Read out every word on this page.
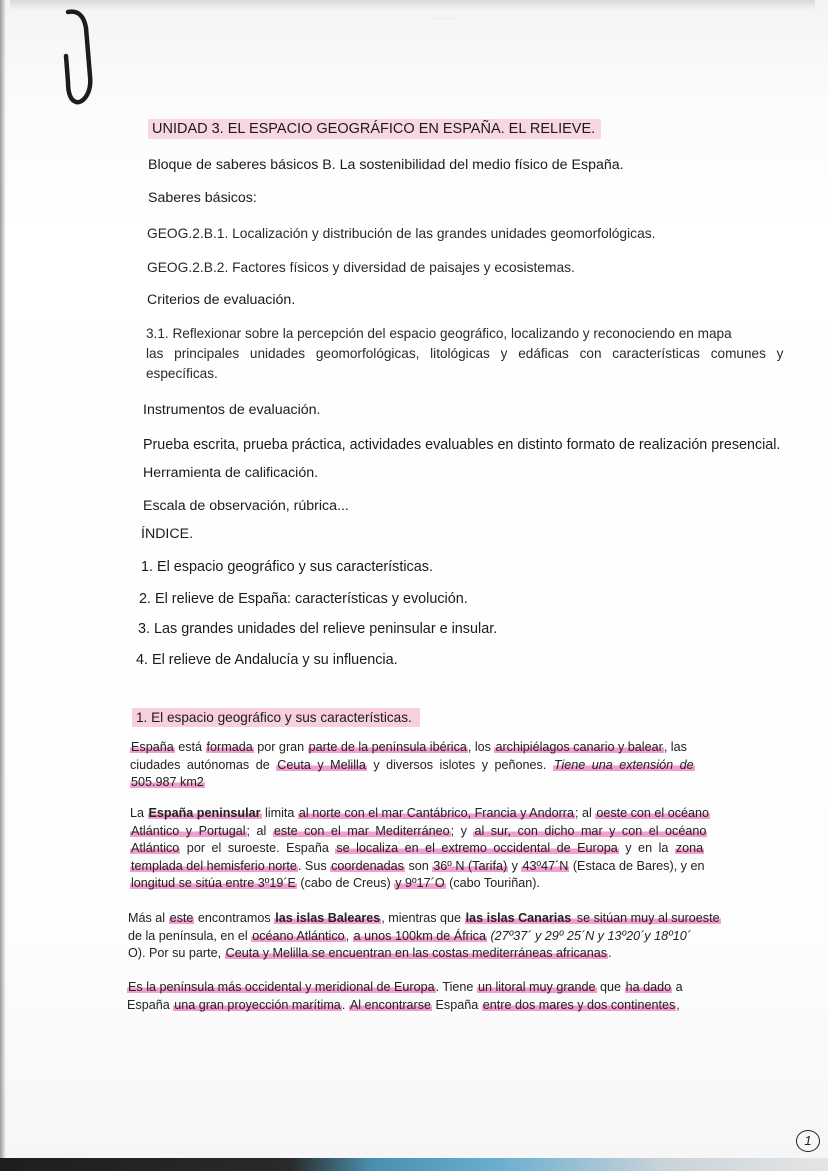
~ ~ ~
UNIDAD 3. EL ESPACIO GEOGRÁFICO EN ESPAÑA. EL RELIEVE.
Bloque de saberes básicos B. La sostenibilidad del medio físico de España.
Saberes básicos:
GEOG.2.B.1. Localización y distribución de las grandes unidades geomorfológicas.
GEOG.2.B.2. Factores físicos y diversidad de paisajes y ecosistemas.
Criterios de evaluación.
3.1. Reflexionar sobre la percepción del espacio geográfico, localizando y reconociendo en mapa
las principales unidades geomorfológicas, litológicas y edáficas con características comunes y
específicas.
Instrumentos de evaluación.
Prueba escrita, prueba práctica, actividades evaluables en distinto formato de realización presencial.
Herramienta de calificación.
Escala de observación, rúbrica...
ÍNDICE.
1. El espacio geográfico y sus características.
2. El relieve de España: características y evolución.
3. Las grandes unidades del relieve peninsular e insular.
4. El relieve de Andalucía y su influencia.
1. El espacio geográfico y sus características.
España está formada por gran parte de la península ibérica, los archipiélagos canario y balear, las
ciudades autónomas de Ceuta y Melilla y diversos islotes y peñones. Tiene una extensión de
505.987 km2
La España peninsular limita al norte con el mar Cantábrico, Francia y Andorra; al oeste con el océano
Atlántico y Portugal; al este con el mar Mediterráneo; y al sur, con dicho mar y con el océano
Atlántico por el suroeste. España se localiza en el extremo occidental de Europa y en la zona
templada del hemisferio norte. Sus coordenadas son 36º N (Tarifa) y 43º47´N (Estaca de Bares), y en
longitud se sitúa entre 3º19´E (cabo de Creus) y 9º17´O (cabo Touriñan).
Más al este encontramos las islas Baleares, mientras que las islas Canarias se sitúan muy al suroeste
de la península, en el océano Atlántico, a unos 100km de África (27º37´ y 29º 25´N y 13º20´y 18º10´
O). Por su parte, Ceuta y Melilla se encuentran en las costas mediterráneas africanas.
Es la península más occidental y meridional de Europa. Tiene un litoral muy grande que ha dado a
España una gran proyección marítima. Al encontrarse España entre dos mares y dos continentes,
1
